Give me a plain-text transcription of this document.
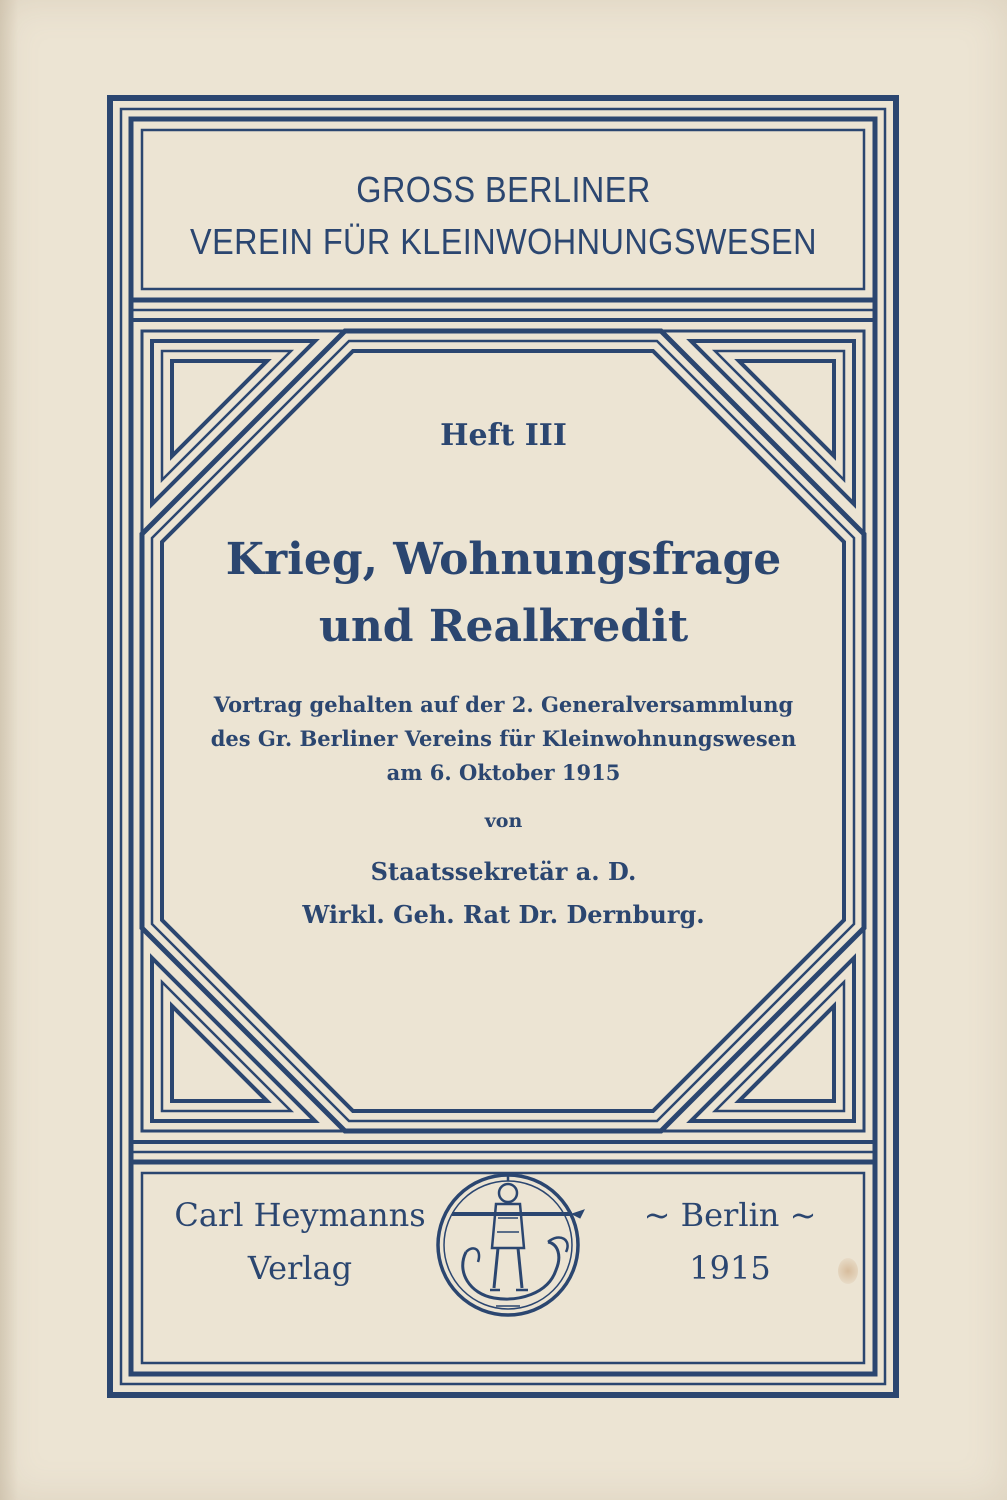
GROSS BERLINER
VEREIN FÜR KLEINWOHNUNGSWESEN
Heft III
Krieg, Wohnungsfrage
und Realkredit
Vortrag gehalten auf der 2. Generalversammlung
des Gr. Berliner Vereins für Kleinwohnungswesen
am 6. Oktober 1915
von
Staatssekretär a. D.
Wirkl. Geh. Rat Dr. Dernburg.
Carl Heymanns
Verlag
~ Berlin ~
1915
